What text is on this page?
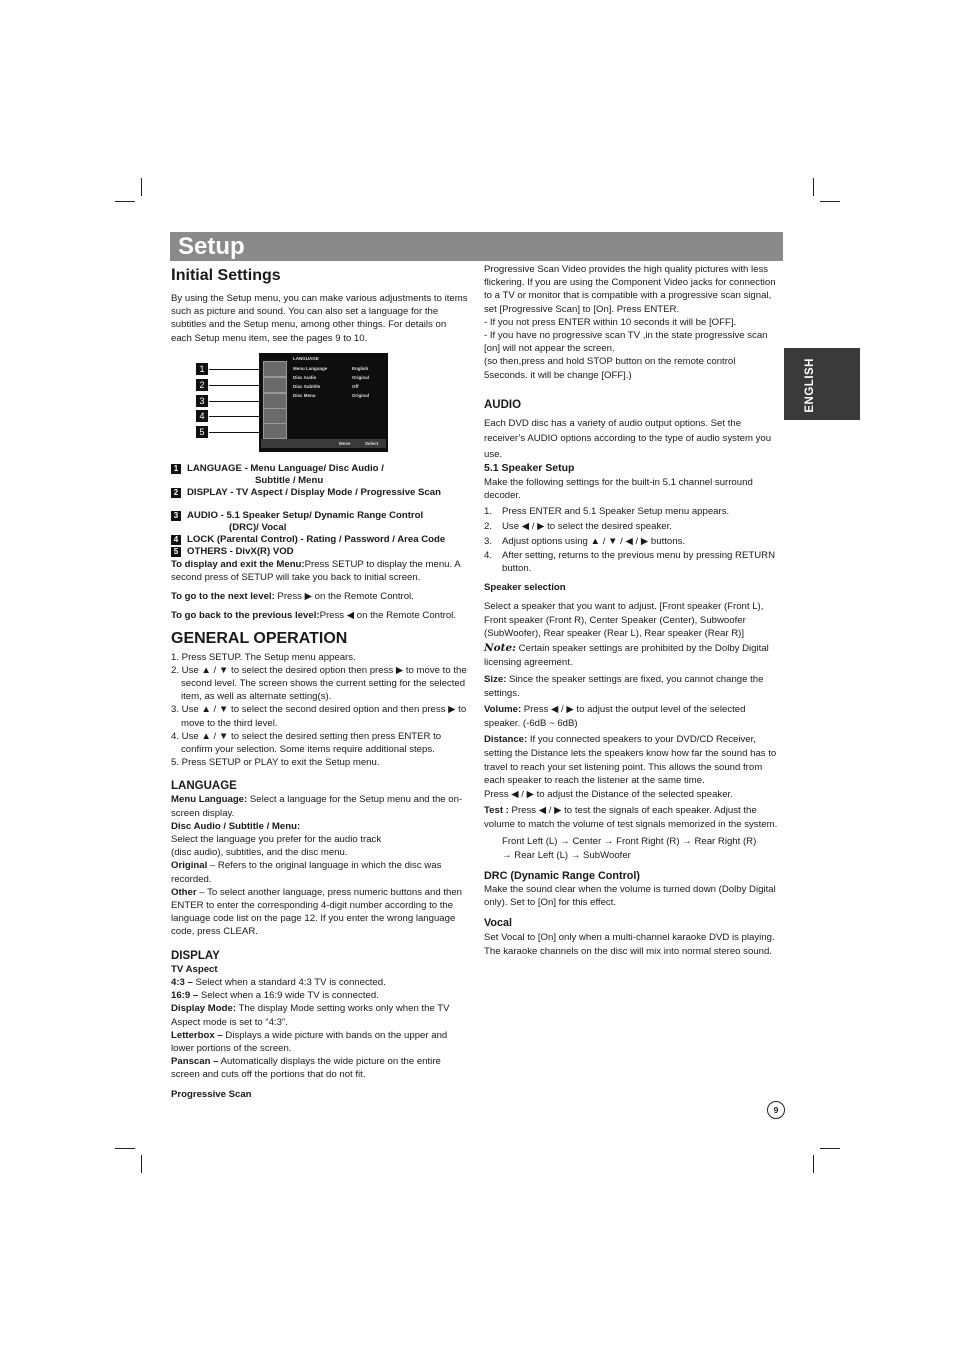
Setup
ENGLISH
Initial Settings

By using the Setup menu, you can make various adjustments to items such as picture and sound. You can also set a language for the subtitles and the Setup menu, among other things. For details on each Setup menu item, see the pages 9 to 10.

1
2
3
4
5
LANGUAGE
Menu Language	English
Disc Audio	Original
Disc Subtitle	Off
Disc Menu	Original
Move	Select
1 LANGUAGE - Menu Language/ Disc Audio /
Subtitle / Menu
2 DISPLAY - TV Aspect / Display Mode / Progressive Scan
3 AUDIO - 5.1 Speaker Setup/ Dynamic Range Control
(DRC)/ Vocal
4 LOCK (Parental Control) - Rating / Password / Area Code
5 OTHERS - DivX(R) VOD

To display and exit the Menu:Press SETUP to display the menu. A second press of SETUP will take you back to initial screen.

To go to the next level: Press ▶ on the Remote Control.

To go back to the previous level:Press ◀ on the Remote Control.

GENERAL OPERATION

1. Press SETUP. The Setup menu appears.

2. Use ▲ / ▼ to select the desired option then press ▶ to move to the second level. The screen shows the current setting for the selected item, as well as alternate setting(s).

3. Use ▲ / ▼ to select the second desired option and then press ▶ to move to the third level.

4. Use ▲ / ▼ to select the desired setting then press ENTER to confirm your selection. Some items require additional steps.

5. Press SETUP or PLAY to exit the Setup menu.

LANGUAGE

Menu Language: Select a language for the Setup menu and the on-screen display.

Disc Audio / Subtitle / Menu:

Select the language you prefer for the audio track

(disc audio), subtitles, and the disc menu.

Original – Refers to the original language in which the disc was recorded.

Other – To select another language, press numeric buttons and then ENTER to enter the corresponding 4-digit number according to the language code list on the page 12. If you enter the wrong language code, press CLEAR.

DISPLAY

TV Aspect

4:3 – Select when a standard 4:3 TV is connected.

16:9 – Select when a 16:9 wide TV is connected.

Display Mode: The display Mode setting works only when the TV Aspect mode is set to “4:3”.

Letterbox – Displays a wide picture with bands on the upper and lower portions of the screen.

Panscan – Automatically displays the wide picture on the entire screen and cuts off the portions that do not fit.

Progressive Scan

Progressive Scan Video provides the high quality pictures with less flickering. If you are using the Component Video jacks for connection to a TV or monitor that is compatible with a progressive scan signal, set [Progressive Scan] to [On]. Press ENTER.

- If you not press ENTER within 10 seconds it will be [OFF].

- If you have no progressive scan TV ,in the state progressive scan [on] will not appear the screen.

(so then,press and hold STOP button on the remote control 5seconds. it will be change [OFF].)

AUDIO

Each DVD disc has a variety of audio output options. Set the receiver’s AUDIO options according to the type of audio system you use.

5.1 Speaker Setup

Make the following settings for the built-in 5.1 channel surround decoder.

1.	Press ENTER and 5.1 Speaker Setup menu appears.
2.	Use ◀ / ▶ to select the desired speaker.
3.	Adjust options using ▲ / ▼ / ◀ / ▶ buttons.
4.	After setting, returns to the previous menu by pressing RETURN button.

Speaker selection

Select a speaker that you want to adjust. [Front speaker (Front L), Front speaker (Front R), Center Speaker (Center), Subwoofer (SubWoofer), Rear speaker (Rear L), Rear speaker (Rear R)]

Note: Certain speaker settings are prohibited by the Dolby Digital licensing agreement.

Size: Since the speaker settings are fixed, you cannot change the settings.

Volume: Press ◀ / ▶ to adjust the output level of the selected speaker. (-6dB ~ 6dB)

Distance: If you connected speakers to your DVD/CD Receiver, setting the Distance lets the speakers know how far the sound has to travel to reach your set listening point. This allows the sound from each speaker to reach the listener at the same time.

Press ◀ / ▶ to adjust the Distance of the selected speaker.

Test : Press ◀ / ▶ to test the signals of each speaker. Adjust the volume to match the volume of test signals memorized in the system.

Front Left (L) → Center → Front Right (R) → Rear Right (R)

→ Rear Left (L) → SubWoofer

DRC (Dynamic Range Control)

Make the sound clear when the volume is turned down (Dolby Digital only). Set to [On] for this effect.

Vocal

Set Vocal to [On] only when a multi-channel karaoke DVD is playing. The karaoke channels on the disc will mix into normal stereo sound.

9
